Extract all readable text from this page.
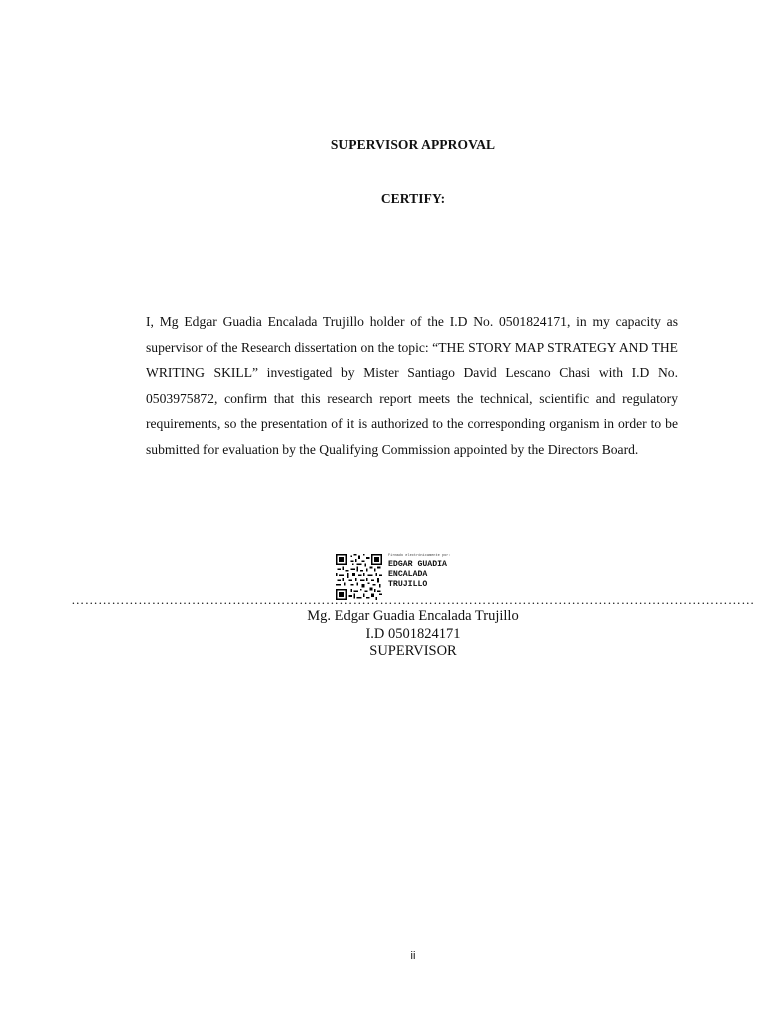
SUPERVISOR APPROVAL
CERTIFY:

I, Mg Edgar Guadia Encalada Trujillo holder of the I.D No. 0501824171, in my capacity as supervisor of the Research dissertation on the topic: “THE STORY MAP STRATEGY AND THE WRITING SKILL” investigated by Mister Santiago David Lescano Chasi with I.D No. 0503975872, confirm that this research report meets the technical, scientific and regulatory requirements, so the presentation of it is authorized to the corresponding organism in order to be submitted for evaluation by the Qualifying Commission appointed by the Directors Board.

Firmado electrónicamente por:
EDGAR GUADIA
ENCALADA
TRUJILLO
………………………………………………………………………………………………………………………………………
Mg. Edgar Guadia Encalada Trujillo
I.D 0501824171
SUPERVISOR
ii
